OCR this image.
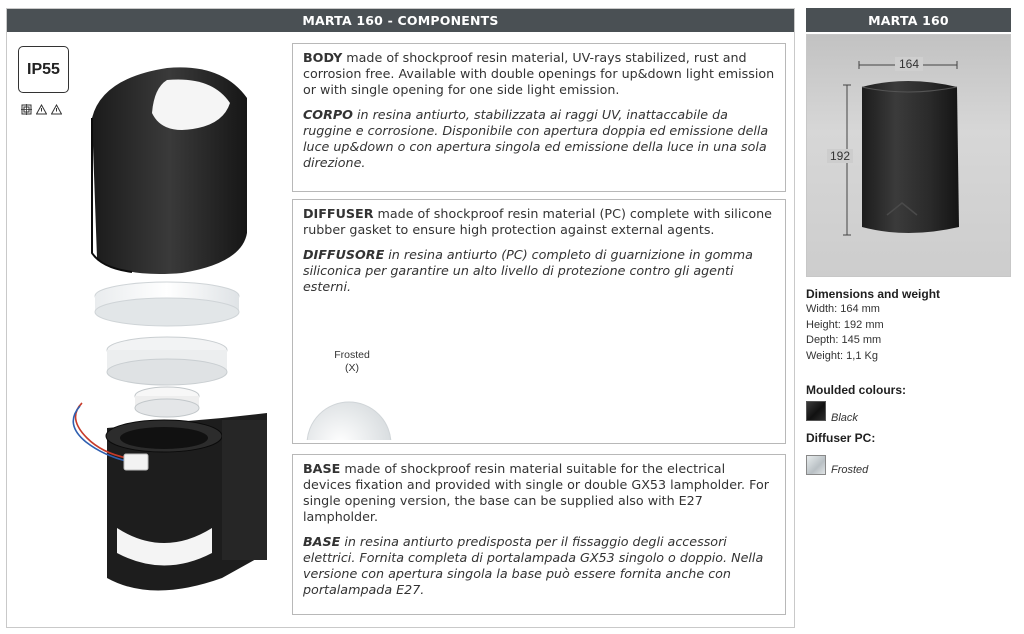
MARTA 160 - COMPONENTS	MARTA 160
IP55

BODY made of shockproof resin material, UV-rays stabilized, rust and corrosion free. Available with double openings for up&down light emission or with single opening for one side light emission.

CORPO in resina antiurto, stabilizzata ai raggi UV, inattaccabile da ruggine e corrosione. Disponibile con apertura doppia ed emissione della luce up&down o con apertura singola ed emissione della luce in una sola direzione.

DIFFUSER made of shockproof resin material (PC) complete with silicone rubber gasket to ensure high protection against external agents.

DIFFUSORE in resina antiurto (PC) completo di guarnizione in gomma siliconica per garantire un alto livello di protezione contro gli agenti esterni.

Frosted
(X)

BASE made of shockproof resin material suitable for the electrical devices fixation and provided with single or double GX53 lampholder. For single opening version, the base can be supplied also with E27 lampholder.

BASE in resina antiurto predisposta per il fissaggio degli accessori elettrici. Fornita completa di portalampada GX53 singolo o doppio. Nella versione con apertura singola la base può essere fornita anche con portalampada E27.

164
192
Dimensions and weight
Width: 164 mm
Height: 192 mm
Depth: 145 mm
Weight: 1,1 Kg
Moulded colours:
Black
Diffuser PC:
Frosted
